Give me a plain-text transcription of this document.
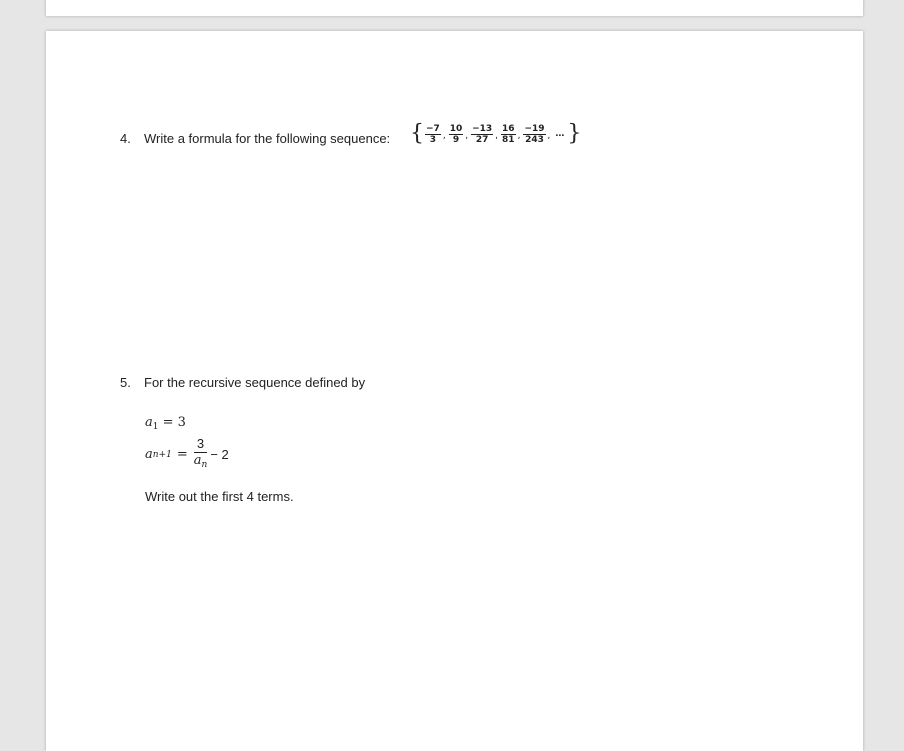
4. Write a formula for the following sequence: { $\frac{-7}{3}$ , $\frac{10}{9}$ , $\frac{-13}{27}$ , $\frac{16}{81}$ , $\frac{-19}{243}$ , … }
5. For the recursive sequence defined by
$a_1 = 3$
a $n+1 = \frac{3}{a_n} - 2$
Write out the first 4 terms.
